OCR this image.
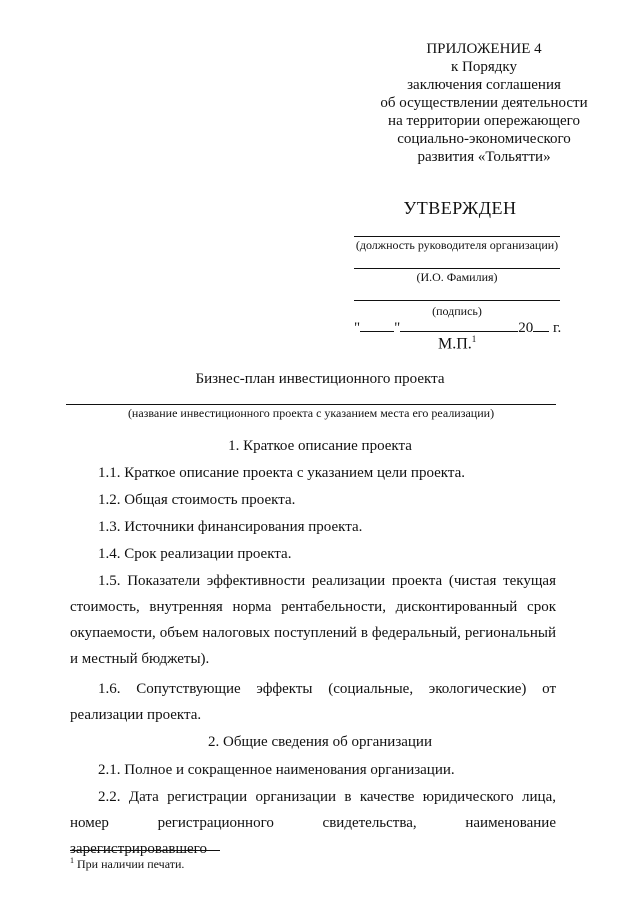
ПРИЛОЖЕНИЕ 4
к Порядку
заключения соглашения
об осуществлении деятельности
на территории опережающего
социально-экономического
развития «Тольятти»
УТВЕРЖДЕН
(должность руководителя организации)
(И.О. Фамилия)
(подпись)
" "	20 г.
М.П.$^1$
Бизнес-план инвестиционного проекта
(название инвестиционного проекта с указанием места его реализации)
1. Краткое описание проекта
1.1. Краткое описание проекта с указанием цели проекта.
1.2. Общая стоимость проекта.
1.3. Источники финансирования проекта.
1.4. Срок реализации проекта.
1.5. Показатели эффективности реализации проекта (чистая текущая стоимость, внутренняя норма рентабельности, дисконтированный срок окупаемости, объем налоговых поступлений в федеральный, региональный и местный бюджеты).
1.6. Сопутствующие эффекты (социальные, экологические) от реализации проекта.
2. Общие сведения об организации
2.1. Полное и сокращенное наименования организации.
2.2. Дата регистрации организации в качестве юридического лица, номер регистрационного свидетельства, наименование зарегистрировавшего
$^1$ При наличии печати.
